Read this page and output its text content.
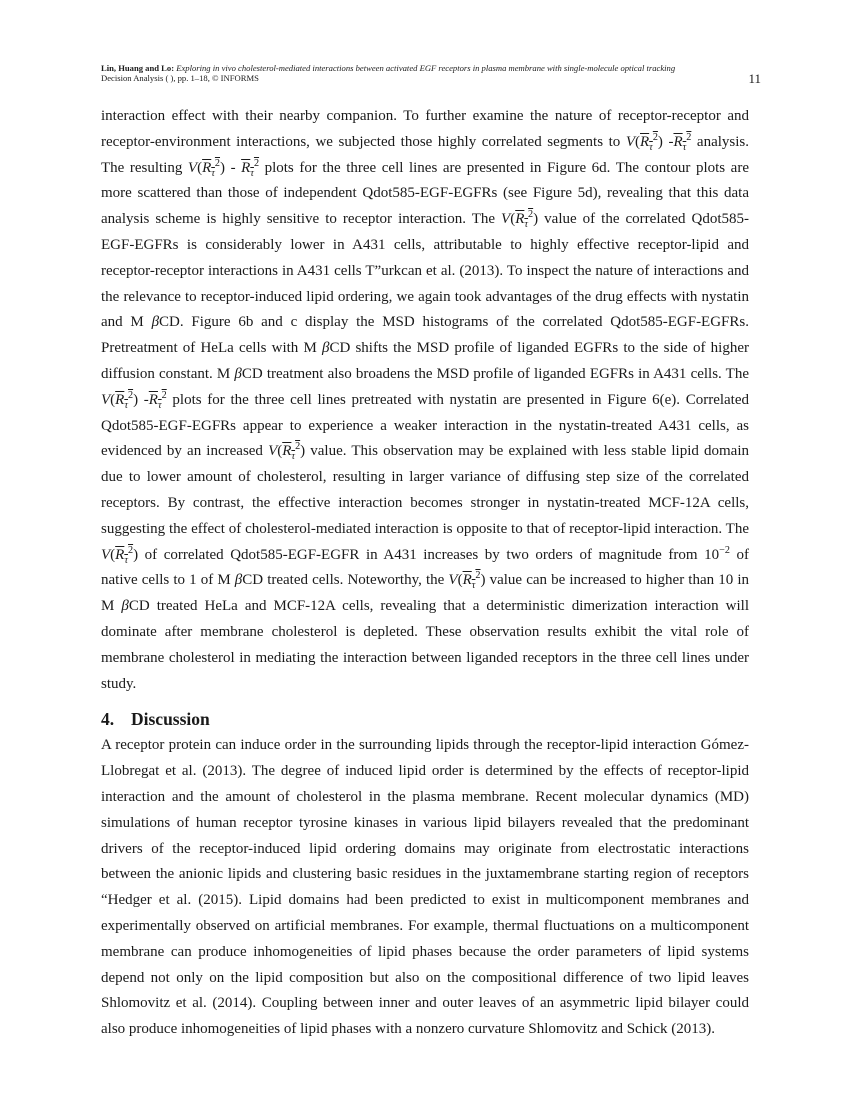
Lin, Huang and Lo: Exploring in vivo cholesterol-mediated interactions between activated EGF receptors in plasma membrane with single-molecule optical tracking
Decision Analysis ( ), pp. 1–18, © INFORMS	11

interaction effect with their nearby companion. To further examine the nature of receptor-receptor and receptor-environment interactions, we subjected those highly correlated segments to $V(R_\tau^2)$ $-R_\tau^2$ analysis. The resulting $V(R_\tau^2) - R_\tau^2$ plots for the three cell lines are presented in Figure 6d. The contour plots are more scattered than those of independent Qdot585-EGF-EGFRs (see Figure 5d), revealing that this data analysis scheme is highly sensitive to receptor interaction. The $V(R_\tau^2)$ value of the correlated Qdot585-EGF-EGFRs is considerably lower in A431 cells, attributable to highly effective receptor-lipid and receptor-receptor interactions in A431 cells T”urkcan et al. (2013). To inspect the nature of interactions and the relevance to receptor-induced lipid ordering, we again took advantages of the drug effects with nystatin and M βCD. Figure 6b and c display the MSD histograms of the correlated Qdot585-EGF-EGFRs. Pretreatment of HeLa cells with M βCD shifts the MSD profile of liganded EGFRs to the side of higher diffusion constant. M βCD treatment also broadens the MSD profile of liganded EGFRs in A431 cells. The $V(R_\tau^2)$ $-R_\tau^2$ plots for the three cell lines pretreated with nystatin are presented in Figure 6(e). Correlated Qdot585-EGF-EGFRs appear to experience a weaker interaction in the nystatin-treated A431 cells, as evidenced by an increased $V(R_\tau^2)$ value. This observation may be explained with less stable lipid domain due to lower amount of cholesterol, resulting in larger variance of diffusing step size of the correlated receptors. By contrast, the effective interaction becomes stronger in nystatin-treated MCF-12A cells, suggesting the effect of cholesterol-mediated interaction is opposite to that of receptor-lipid interaction. The $V(R_\tau^2)$ of correlated Qdot585-EGF-EGFR in A431 increases by two orders of magnitude from $10^{-2}$ of native cells to 1 of M βCD treated cells. Noteworthy, the $V(R_\tau^2)$ value can be increased to higher than 10 in M βCD treated HeLa and MCF-12A cells, revealing that a deterministic dimerization interaction will dominate after membrane cholesterol is depleted. These observation results exhibit the vital role of membrane cholesterol in mediating the interaction between liganded receptors in the three cell lines under study.

4. Discussion

A receptor protein can induce order in the surrounding lipids through the receptor-lipid interaction Gómez-Llobregat et al. (2013). The degree of induced lipid order is determined by the effects of receptor-lipid interaction and the amount of cholesterol in the plasma membrane. Recent molecular dynamics (MD) simulations of human receptor tyrosine kinases in various lipid bilayers revealed that the predominant drivers of the receptor-induced lipid ordering domains may originate from electrostatic interactions between the anionic lipids and clustering basic residues in the juxtamembrane starting region of receptors “Hedger et al. (2015). Lipid domains had been predicted to exist in multicomponent membranes and experimentally observed on artificial membranes. For example, thermal fluctuations on a multicomponent membrane can produce inhomogeneities of lipid phases because the order parameters of lipid systems depend not only on the lipid composition but also on the compositional difference of two lipid leaves Shlomovitz et al. (2014). Coupling between inner and outer leaves of an asymmetric lipid bilayer could also produce inhomogeneities of lipid phases with a nonzero curvature Shlomovitz and Schick (2013).
